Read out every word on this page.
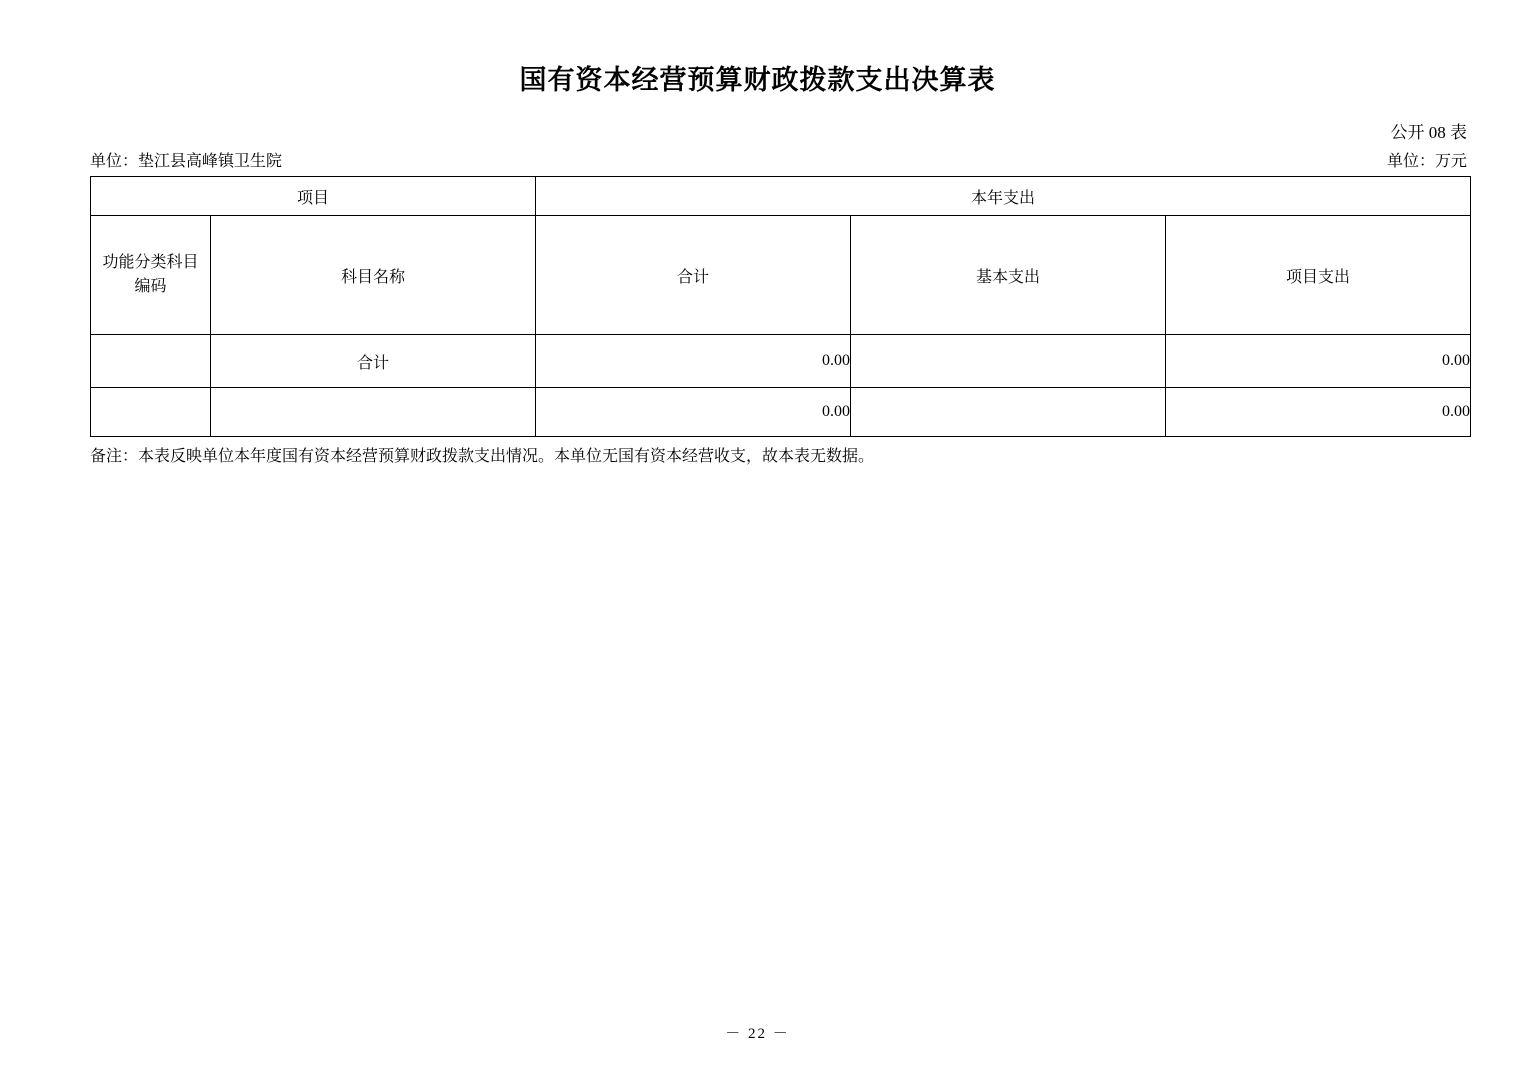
国有资本经营预算财政拨款支出决算表
公开 08 表
单位：垫江县高峰镇卫生院	单位：万元
项目		本年支出		

功能分类科目
编码	科目名称	合计	基本支出	项目支出
	合计	0.00		0.00
		0.00		0.00
备注：本表反映单位本年度国有资本经营预算财政拨款支出情况。本单位无国有资本经营收支，故本表无数据。
－ 22 －
